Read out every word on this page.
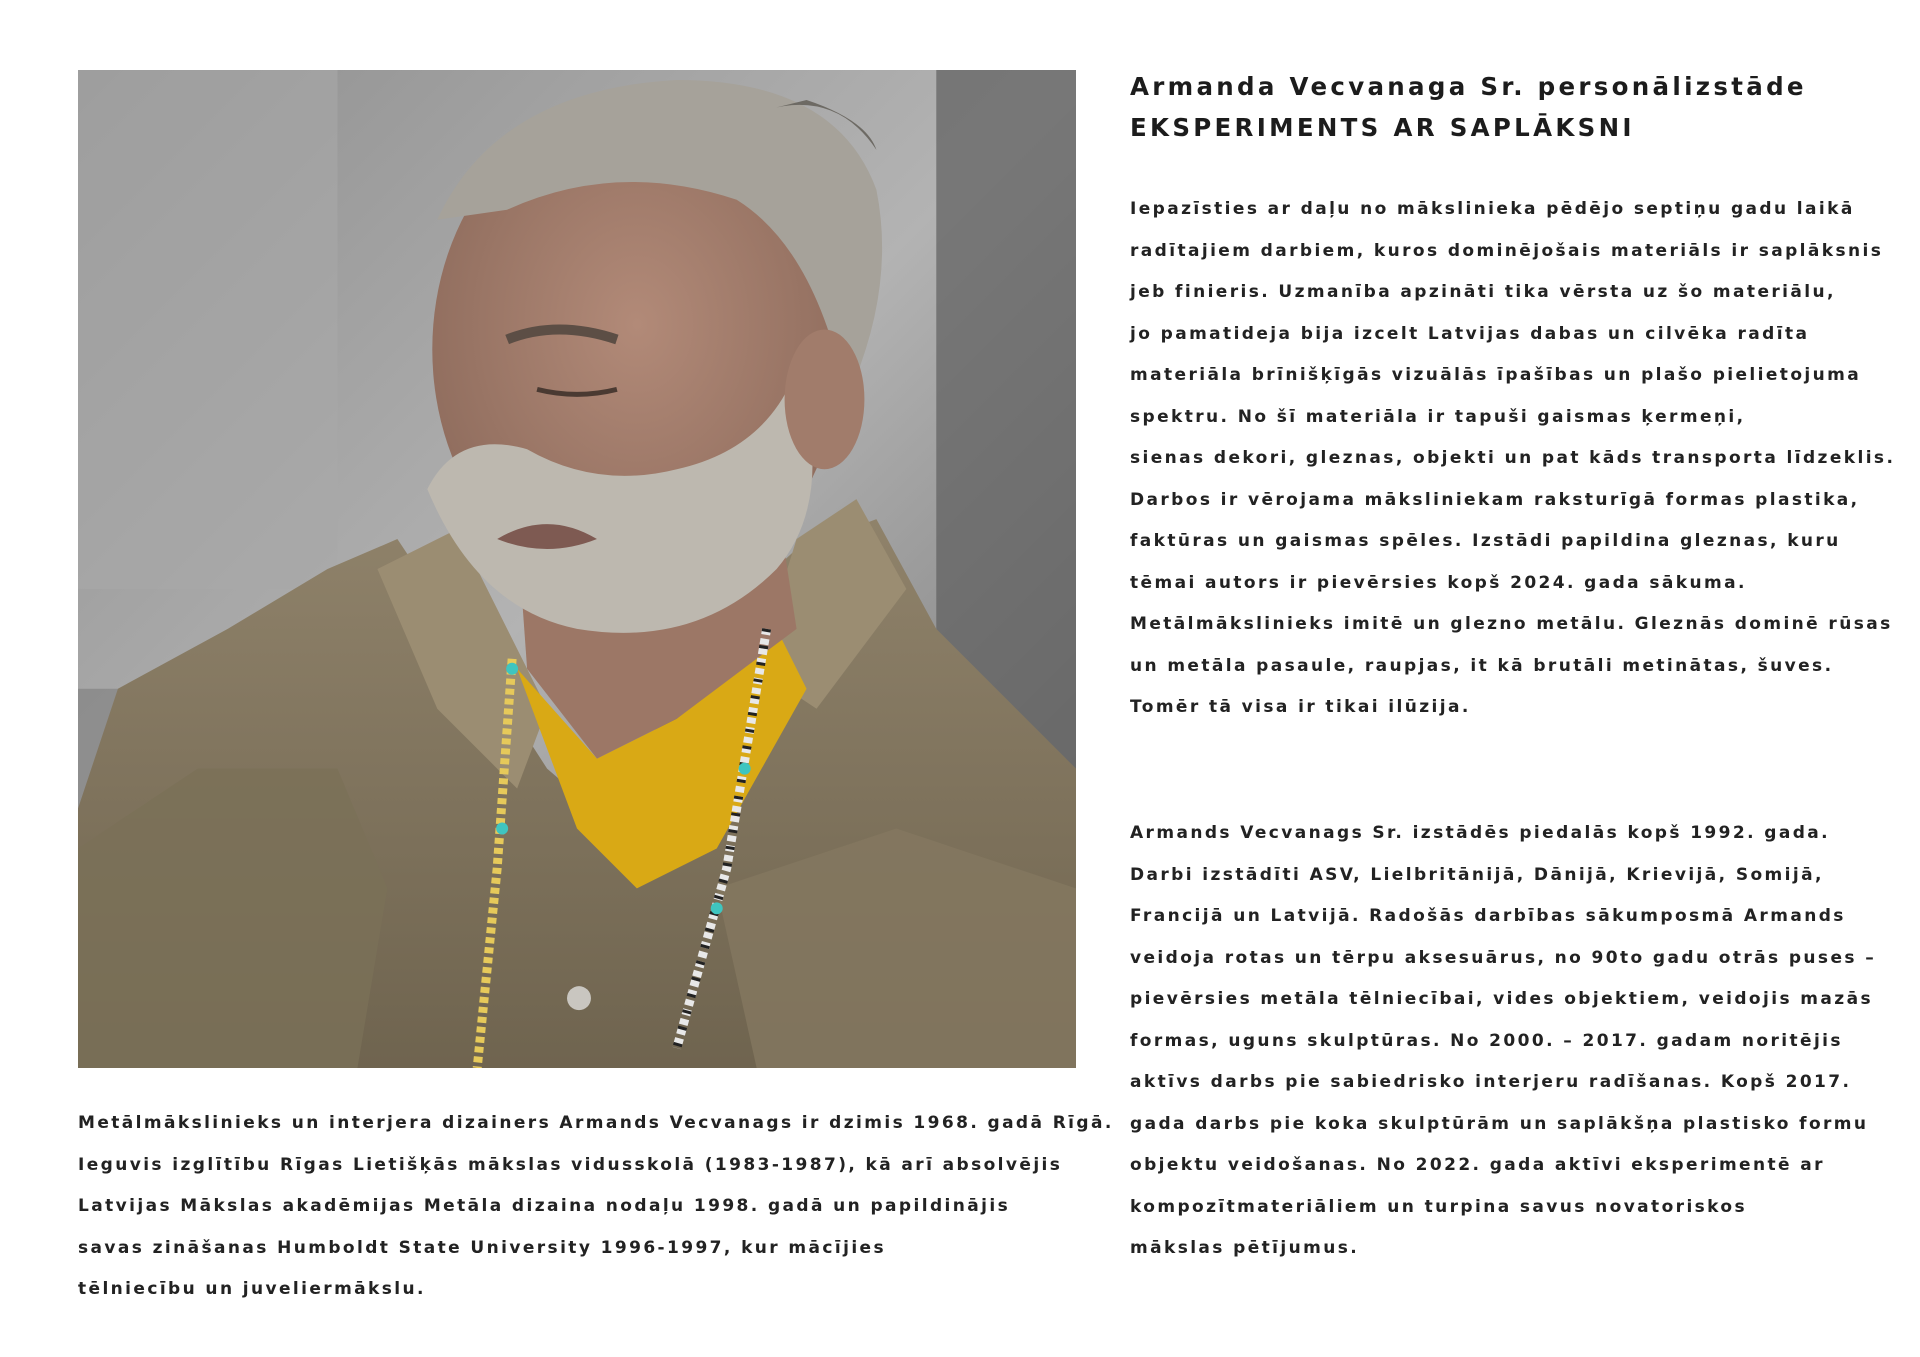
Armanda Vecvanaga Sr. personālizstāde

EKSPERIMENTS AR SAPLĀKSNI

Iepazīsties ar daļu no mākslinieka pēdējo septiņu gadu laikā

radītajiem darbiem, kuros dominējošais materiāls ir saplāksnis

jeb finieris. Uzmanība apzināti tika vērsta uz šo materiālu,

jo pamatideja bija izcelt Latvijas dabas un cilvēka radīta

materiāla brīnišķīgās vizuālās īpašības un plašo pielietojuma

spektru. No šī materiāla ir tapuši gaismas ķermeņi,

sienas dekori, gleznas, objekti un pat kāds transporta līdzeklis.

Darbos ir vērojama māksliniekam raksturīgā formas plastika,

faktūras un gaismas spēles. Izstādi papildina gleznas, kuru

tēmai autors ir pievērsies kopš 2024. gada sākuma.

Metālmākslinieks imitē un glezno metālu. Gleznās dominē rūsas

un metāla pasaule, raupjas, it kā brutāli metinātas, šuves.

Tomēr tā visa ir tikai ilūzija.

Armands Vecvanags Sr. izstādēs piedalās kopš 1992. gada.

Darbi izstādīti ASV, Lielbritānijā, Dānijā, Krievijā, Somijā,

Francijā un Latvijā. Radošās darbības sākumposmā Armands

veidoja rotas un tērpu aksesuārus, no 90to gadu otrās puses –

pievērsies metāla tēlniecībai, vides objektiem, veidojis mazās

formas, uguns skulptūras. No 2000. – 2017. gadam noritējis

aktīvs darbs pie sabiedrisko interjeru radīšanas. Kopš 2017.

gada darbs pie koka skulptūrām un saplākšņa plastisko formu

objektu veidošanas. No 2022. gada aktīvi eksperimentē ar

kompozītmateriāliem un turpina savus novatoriskos

mākslas pētījumus.

Metālmākslinieks un interjera dizainers Armands Vecvanags ir dzimis 1968. gadā Rīgā.

Ieguvis izglītību Rīgas Lietišķās mākslas vidusskolā (1983-1987), kā arī absolvējis

Latvijas Mākslas akadēmijas Metāla dizaina nodaļu 1998. gadā un papildinājis

savas zināšanas Humboldt State University 1996-1997, kur mācījies

tēlniecību un juveliermākslu.
